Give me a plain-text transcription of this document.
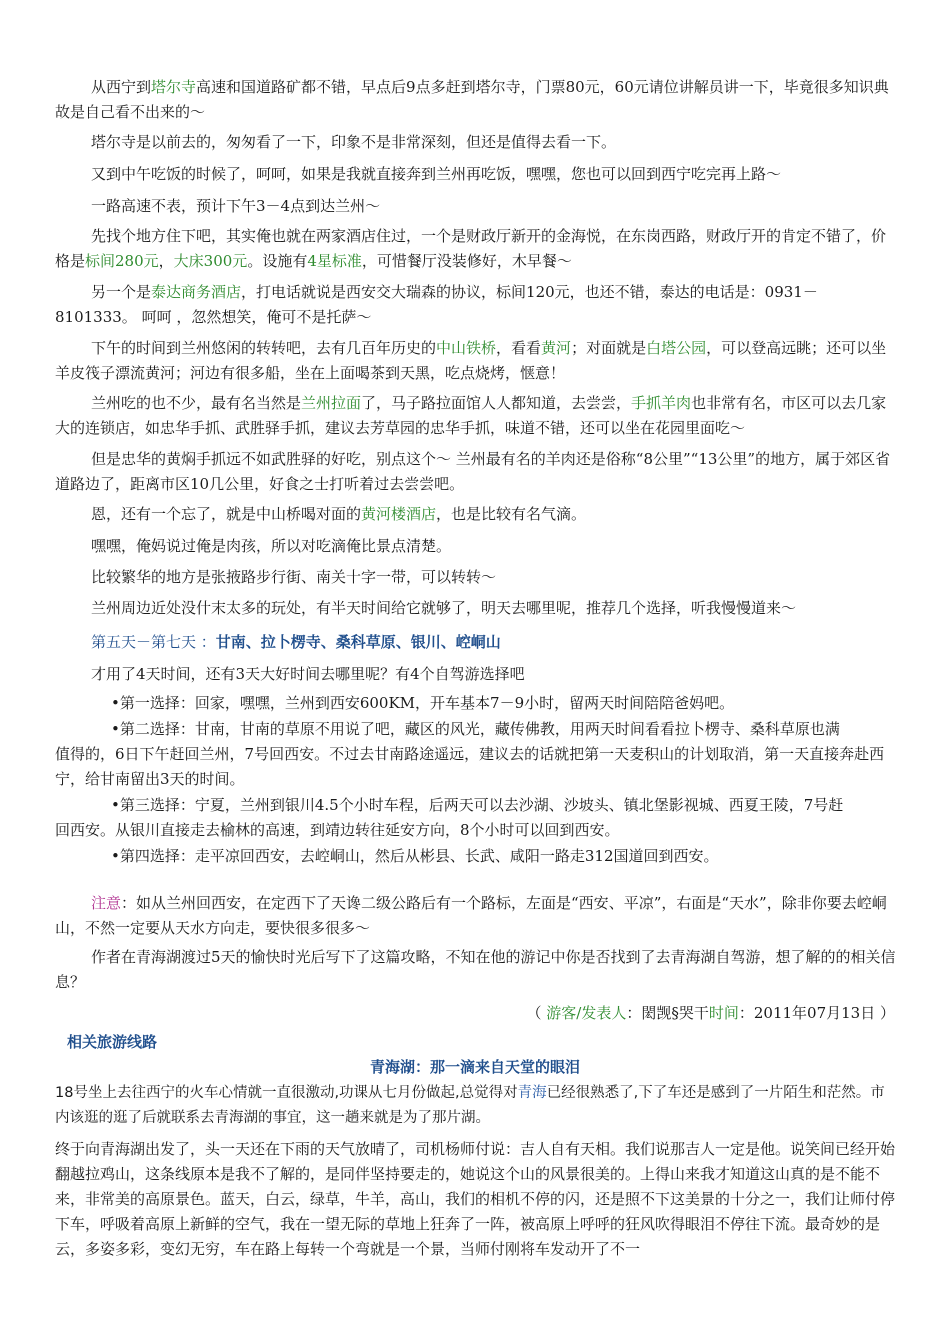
从西宁到塔尔寺高速和国道路矿都不错，早点后9点多赶到塔尔寺，门票80元，60元请位讲解员讲一下，毕竟很多知识典故是自己看不出来的～

塔尔寺是以前去的，匆匆看了一下，印象不是非常深刻，但还是值得去看一下。

又到中午吃饭的时候了，呵呵，如果是我就直接奔到兰州再吃饭，嘿嘿，您也可以回到西宁吃完再上路～

一路高速不表，预计下午3－4点到达兰州～

先找个地方住下吧，其实俺也就在两家酒店住过，一个是财政厅新开的金海悦，在东岗西路，财政厅开的肯定不错了，价格是标间280元，大床300元。设施有4星标准，可惜餐厅没装修好，木早餐～

另一个是泰达商务酒店，打电话就说是西安交大瑞森的协议，标间120元，也还不错，泰达的电话是：0931－8101333。 呵呵 ，忽然想笑，俺可不是托萨～

下午的时间到兰州悠闲的转转吧，去有几百年历史的中山铁桥，看看黄河；对面就是白塔公园，可以登高远眺；还可以坐羊皮筏子漂流黄河；河边有很多船，坐在上面喝茶到天黑，吃点烧烤，惬意！

兰州吃的也不少，最有名当然是兰州拉面了，马子路拉面馆人人都知道，去尝尝，手抓羊肉也非常有名，市区可以去几家大的连锁店，如忠华手抓、武胜驿手抓，建议去芳草园的忠华手抓，味道不错，还可以坐在花园里面吃～

但是忠华的黄焖手抓远不如武胜驿的好吃，别点这个～ 兰州最有名的羊肉还是俗称“8公里”“13公里”的地方，属于郊区省道路边了，距离市区10几公里，好食之士打听着过去尝尝吧。

恩，还有一个忘了，就是中山桥喝对面的黄河楼酒店，也是比较有名气滴。

嘿嘿，俺妈说过俺是肉孩，所以对吃滴俺比景点清楚。

比较繁华的地方是张掖路步行街、南关十字一带，可以转转～

兰州周边近处没什末太多的玩处，有半天时间给它就够了，明天去哪里呢，推荐几个选择，听我慢慢道来～

第五天－第七天 ：甘南、拉卜楞寺、桑科草原、银川、崆峒山

才用了4天时间，还有3天大好时间去哪里呢？有4个自驾游选择吧

•第一选择：回家，嘿嘿，兰州到西安600KM，开车基本7－9小时，留两天时间陪陪爸妈吧。

•第二选择：甘南，甘南的草原不用说了吧，藏区的风光，藏传佛教，用两天时间看看拉卜楞寺、桑科草原也满

值得的，6日下午赶回兰州，7号回西安。不过去甘南路途遥远，建议去的话就把第一天麦积山的计划取消，第一天直接奔赴西宁，给甘南留出3天的时间。

•第三选择：宁夏，兰州到银川4.5个小时车程，后两天可以去沙湖、沙坡头、镇北堡影视城、西夏王陵，7号赶

回西安。从银川直接走去榆林的高速，到靖边转往延安方向，8个小时可以回到西安。

•第四选择：走平凉回西安，去崆峒山，然后从彬县、长武、咸阳一路走312国道回到西安。

注意：如从兰州回西安，在定西下了天谗二级公路后有一个路标，左面是“西安、平凉”，右面是“天水”，除非你要去崆峒山，不然一定要从天水方向走，要快很多很多～

作者在青海湖渡过5天的愉快时光后写下了这篇攻略，不知在他的游记中你是否找到了去青海湖自驾游，想了解的的相关信息？

（ 游客/发表人：閎觊§哭干时间：2011年07月13日 ）
相关旅游线路
青海湖：那一滴来自天堂的眼泪

18号坐上去往西宁的火车心情就一直很激动,功课从七月份做起,总觉得对青海已经很熟悉了,下了车还是感到了一片陌生和茫然。市内该逛的逛了后就联系去青海湖的事宜，这一趟来就是为了那片湖。

终于向青海湖出发了，头一天还在下雨的天气放晴了，司机杨师付说：吉人自有天相。我们说那吉人一定是他。说笑间已经开始翻越拉鸡山，这条线原本是我不了解的，是同伴坚持要走的，她说这个山的风景很美的。上得山来我才知道这山真的是不能不来，非常美的高原景色。蓝天，白云，绿草，牛羊，高山，我们的相机不停的闪，还是照不下这美景的十分之一，我们让师付停下车，呼吸着高原上新鲜的空气，我在一望无际的草地上狂奔了一阵，被高原上呼呼的狂风吹得眼泪不停往下流。最奇妙的是云，多姿多彩，变幻无穷，车在路上每转一个弯就是一个景，当师付刚将车发动开了不一
